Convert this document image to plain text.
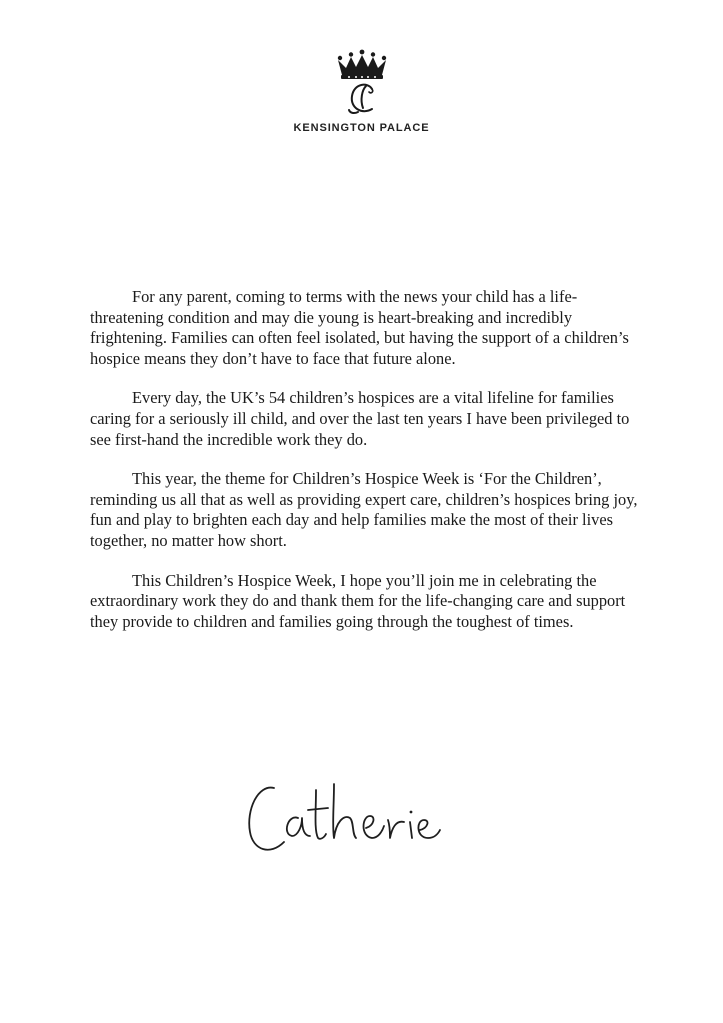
KENSINGTON PALACE

For any parent, coming to terms with the news your child has a life-threatening condition and may die young is heart-breaking and incredibly frightening. Families can often feel isolated, but having the support of a children’s hospice means they don’t have to face that future alone.

Every day, the UK’s 54 children’s hospices are a vital lifeline for families caring for a seriously ill child, and over the last ten years I have been privileged to see first-hand the incredible work they do.

This year, the theme for Children’s Hospice Week is ‘For the Children’, reminding us all that as well as providing expert care, children’s hospices bring joy, fun and play to brighten each day and help families make the most of their lives together, no matter how short.

This Children’s Hospice Week, I hope you’ll join me in celebrating the extraordinary work they do and thank them for the life-changing care and support they provide to children and families going through the toughest of times.
